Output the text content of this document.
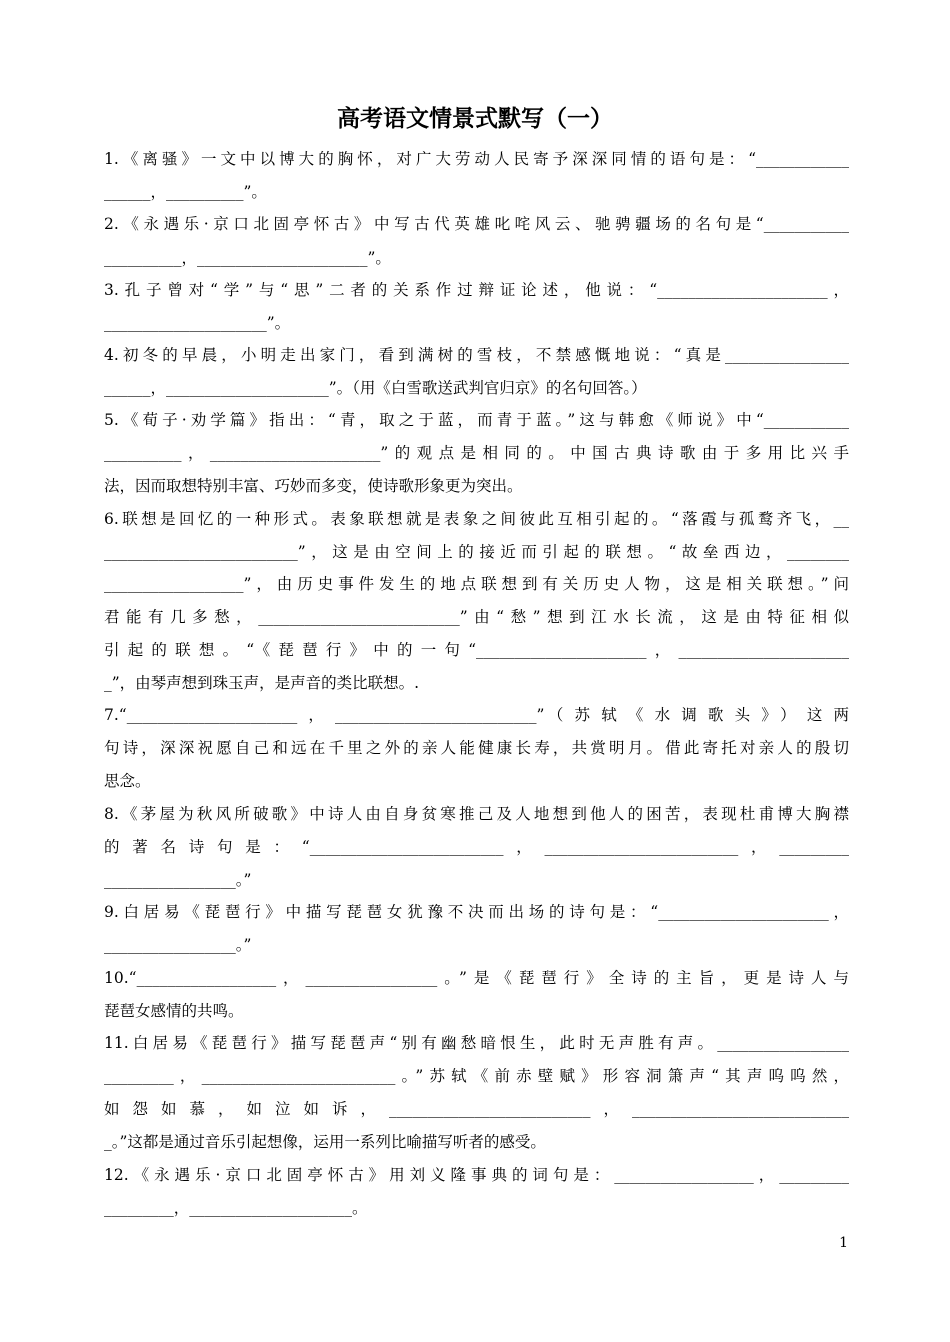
高考语文情景式默写（一）
1.《离骚》一文中以博大的胸怀，对广大劳动人民寄予深深同情的语句是：“____________
______，__________”。
2.《永遇乐·京口北固亭怀古》中写古代英雄叱咤风云、驰骋疆场的名句是“___________
__________，______________________”。
3.孔子曾对“学”与“思”二者的关系作过辩证论述，他说：“______________________，
_____________________”。
4.初冬的早晨，小明走出家门，看到满树的雪枝，不禁感慨地说：“真是________________
______，_____________________”。（用《白雪歌送武判官归京》的名句回答。）
5.《荀子·劝学篇》指出：“青，取之于蓝，而青于蓝。”这与韩愈《师说》中“___________
__________，______________________”的观点是相同的。中国古典诗歌由于多用比兴手
法，因而取想特别丰富、巧妙而多变，使诗歌形象更为突出。
6.联想是回忆的一种形式。表象联想就是表象之间彼此互相引起的。“落霞与孤鹜齐飞，__
_________________________”，这是由空间上的接近而引起的联想。“故垒西边，________
__________________”，由历史事件发生的地点联想到有关历史人物，这是相关联想。”问
君能有几多愁，__________________________”由“愁”想到江水长流，这是由特征相似
引起的联想。“《琵琶行》中的一句“______________________，______________________
_”，由琴声想到珠玉声，是声音的类比联想。.
7.“______________________，__________________________”（苏轼《水调歌头》）这两
句诗，深深祝愿自己和远在千里之外的亲人能健康长寿，共赏明月。借此寄托对亲人的殷切
思念。
8.《茅屋为秋风所破歌》中诗人由自身贫寒推己及人地想到他人的困苦，表现杜甫博大胸襟
的著名诗句是：“_________________________，_________________________，_________
_________________。”
9.白居易《琵琶行》中描写琵琶女犹豫不决而出场的诗句是：“______________________，
_________________。”
10.“__________________，_________________。”是《琵琶行》全诗的主旨，更是诗人与
琵琶女感情的共鸣。
11.白居易《琵琶行》描写琵琶声“别有幽愁暗恨生，此时无声胜有声。_________________
_________，_________________________。”苏轼《前赤壁赋》形容洞箫声“其声呜呜然，
如怨如慕，如泣如诉，__________________________，____________________________
_。”这都是通过音乐引起想像，运用一系列比喻描写听者的感受。
12.《永遇乐·京口北固亭怀古》用刘义隆事典的词句是：__________________，_________
_________，_____________________。
1
